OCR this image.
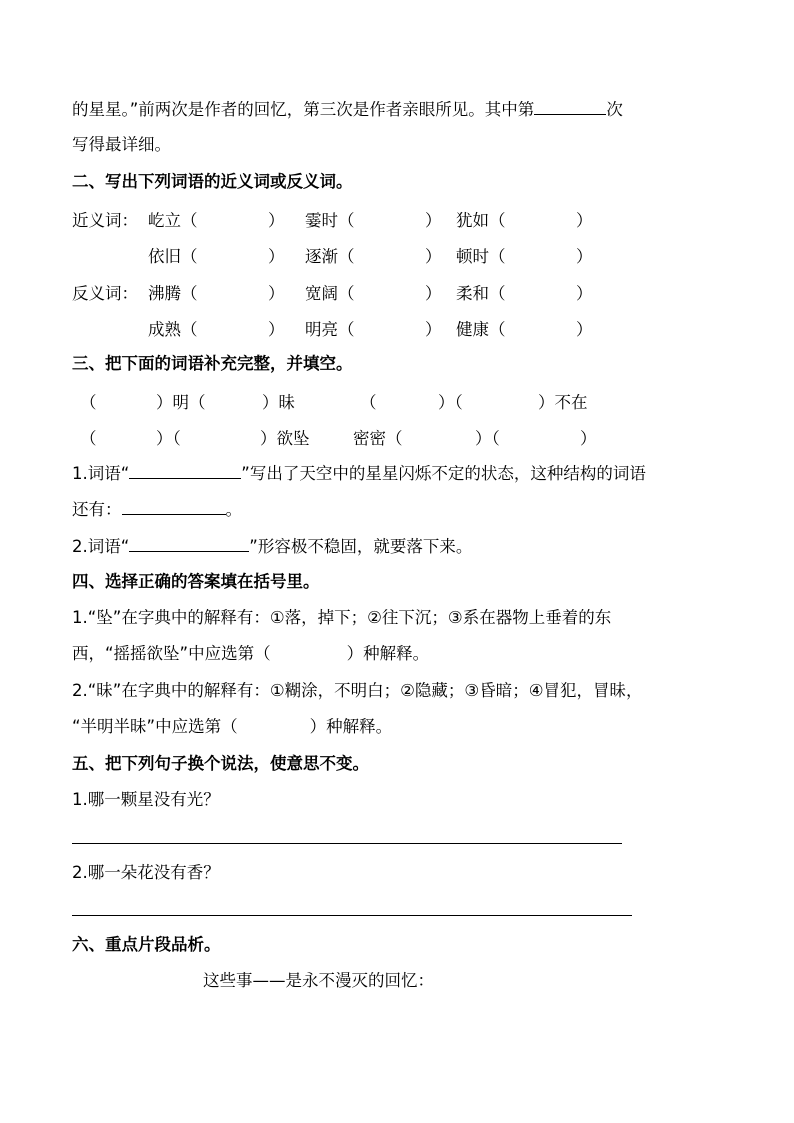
的星星。”前两次是作者的回忆，第三次是作者亲眼所见。其中第	次
写得最详细。
二、写出下列词语的近义词或反义词。
近义词： 屹立（	） 霎时（	） 犹如（	）
依旧（	） 逐渐（	） 顿时（	）
反义词： 沸腾（	） 宽阔（	） 柔和（	）
成熟（	） 明亮（	） 健康（	）
三、把下面的词语补充完整，并填空。
（	）明（	）昧	（	）（	）不在
（	）（	）欲坠	密密（	）（	）
1.词语“	”写出了天空中的星星闪烁不定的状态，这种结构的词语
还有：	。
2.词语“	”形容极不稳固，就要落下来。
四、选择正确的答案填在括号里。
1.“坠”在字典中的解释有：①落，掉下；②往下沉；③系在器物上垂着的东
西，“摇摇欲坠”中应选第（	）种解释。
2.“昧”在字典中的解释有：①糊涂，不明白；②隐藏；③昏暗；④冒犯，冒昧，
“半明半昧”中应选第（	）种解释。
五、把下列句子换个说法，使意思不变。
1.哪一颗星没有光？
2.哪一朵花没有香？
六、重点片段品析。
这些事——是永不漫灭的回忆：
